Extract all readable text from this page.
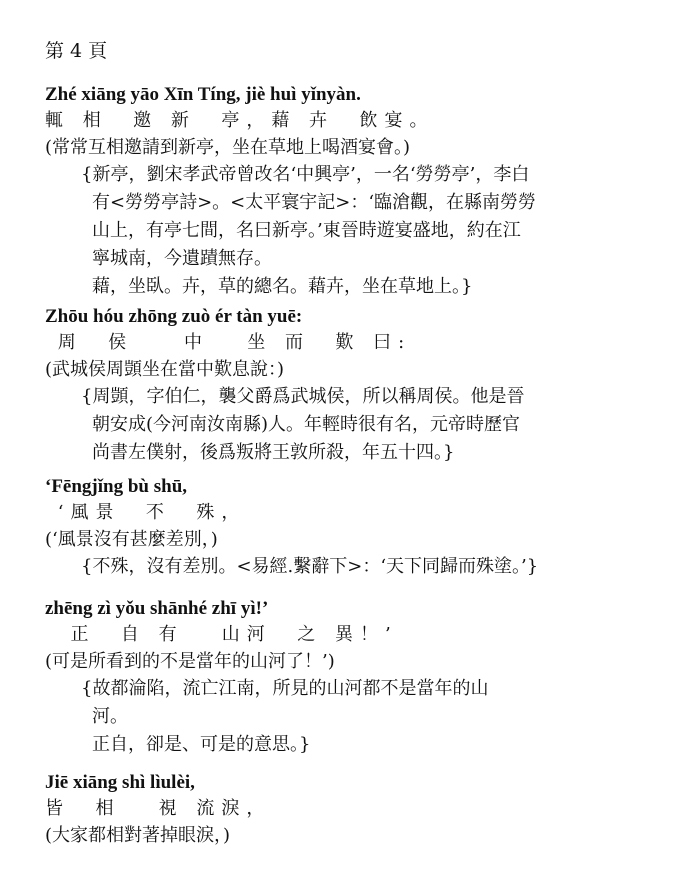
第 4 頁
Zhé xiāng yāo Xīn Tíng, jiè huì yǐnyàn.
輒 相  邀 新  亭，藉 卉  飲宴。
(常常互相邀請到新亭，坐在草地上喝酒宴會。)
{新亭，劉宋孝武帝曾改名‘中興亭’，一名‘勞勞亭’，李白
有<勞勞亭詩>。<太平寰宇記>：‘臨滄觀，在縣南勞勞
山上，有亭七間，名曰新亭。’東晉時遊宴盛地，約在江
寧城南，今遺蹟無存。
藉，坐臥。卉，草的總名。藉卉，坐在草地上。}
Zhōu hóu zhōng zuò ér tàn yuē:
周  侯    中   坐 而  歎 曰:
(武城侯周顗坐在當中歎息說：)
{周顗，字伯仁，襲父爵爲武城侯，所以稱周侯。他是晉
朝安成(今河南汝南縣)人。年輕時很有名，元帝時歷官
尚書左僕射，後爲叛將王敦所殺，年五十四。}
‘Fēngjǐng bù shū,
‘風景  不  殊，
(‘風景沒有甚麼差別，)
{不殊，沒有差別。<易經.繫辭下>：‘天下同歸而殊塗。’}
zhēng zì yǒu shānhé zhī yì!’
正  自 有   山河  之 異！’
(可是所看到的不是當年的山河了！’)
{故都淪陷，流亡江南，所見的山河都不是當年的山
河。
正自，卻是、可是的意思。}
Jiē xiāng shì lìulèi,
皆  相   視 流淚，
(大家都相對著掉眼淚，)
